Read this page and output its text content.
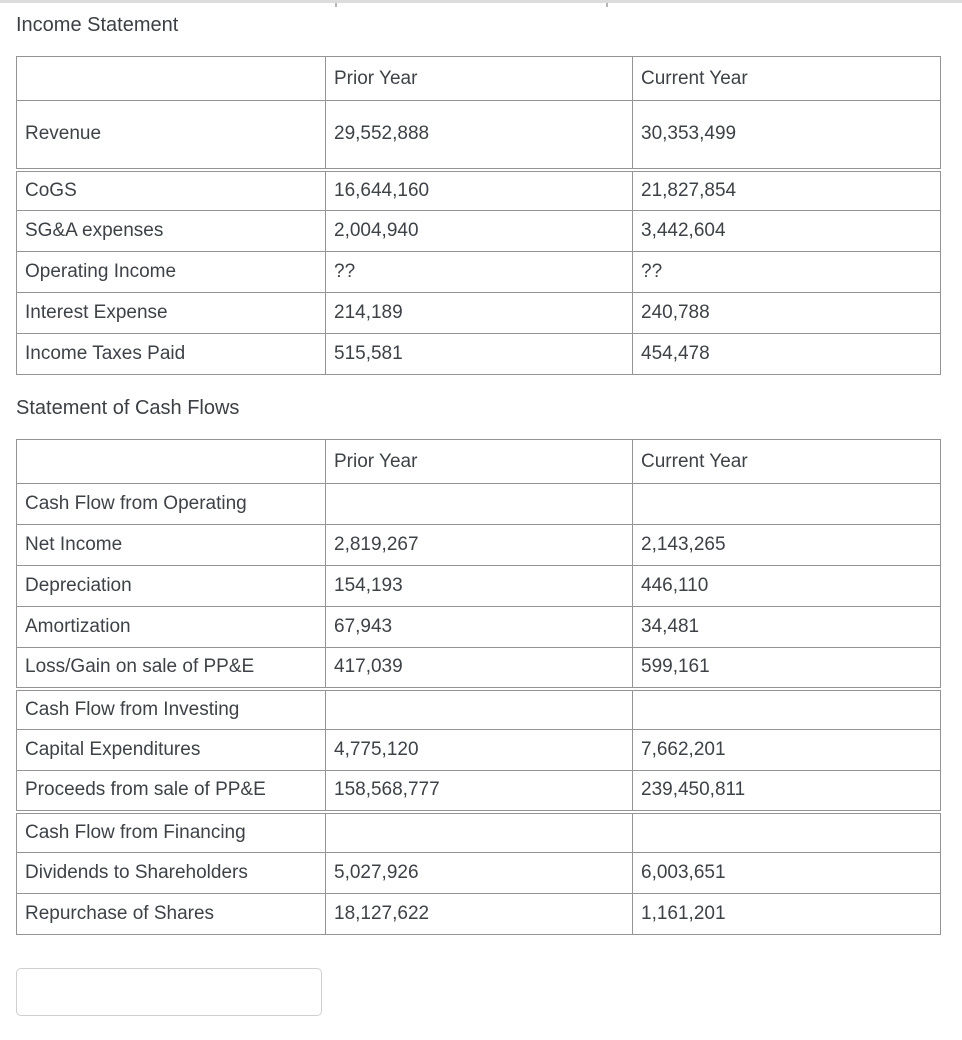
Income Statement
	Prior Year	Current Year
Revenue	29,552,888	30,353,499
CoGS	16,644,160	21,827,854
SG&A expenses	2,004,940	3,442,604
Operating Income	??	??
Interest Expense	214,189	240,788
Income Taxes Paid	515,581	454,478
Statement of Cash Flows
	Prior Year	Current Year
Cash Flow from Operating		
Net Income	2,819,267	2,143,265
Depreciation	154,193	446,110
Amortization	67,943	34,481
Loss/Gain on sale of PP&E	417,039	599,161
Cash Flow from Investing		
Capital Expenditures	4,775,120	7,662,201
Proceeds from sale of PP&E	158,568,777	239,450,811
Cash Flow from Financing		
Dividends to Shareholders	5,027,926	6,003,651
Repurchase of Shares	18,127,622	1,161,201
